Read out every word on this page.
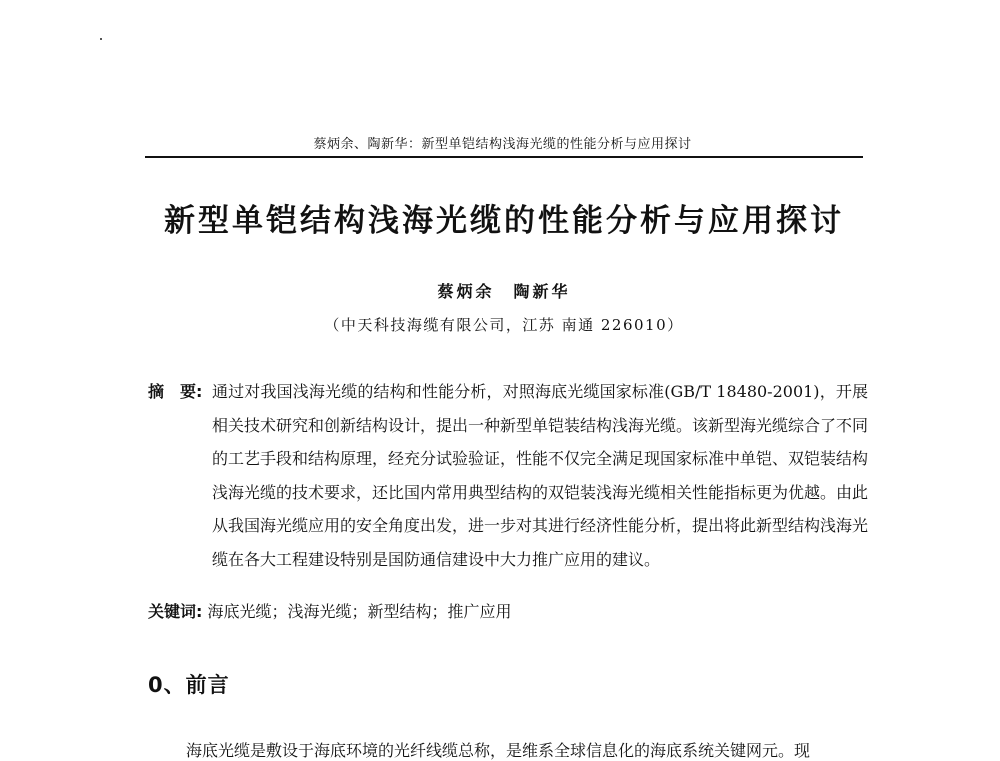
蔡炳余、陶新华：新型单铠结构浅海光缆的性能分析与应用探讨
新型单铠结构浅海光缆的性能分析与应用探讨
蔡炳余　陶新华
（中天科技海缆有限公司，江苏 南通 226010）
摘　要: 通过对我国浅海光缆的结构和性能分析，对照海底光缆国家标准(GB/T 18480-2001)，开展相关技术研究和创新结构设计，提出一种新型单铠装结构浅海光缆。该新型海光缆综合了不同的工艺手段和结构原理，经充分试验验证，性能不仅完全满足现国家标准中单铠、双铠装结构浅海光缆的技术要求，还比国内常用典型结构的双铠装浅海光缆相关性能指标更为优越。由此从我国海光缆应用的安全角度出发，进一步对其进行经济性能分析，提出将此新型结构浅海光缆在各大工程建设特别是国防通信建设中大力推广应用的建议。
关键词: 海底光缆；浅海光缆；新型结构；推广应用
0、前言
海底光缆是敷设于海底环境的光纤线缆总称，是维系全球信息化的海底系统关键网元。现
